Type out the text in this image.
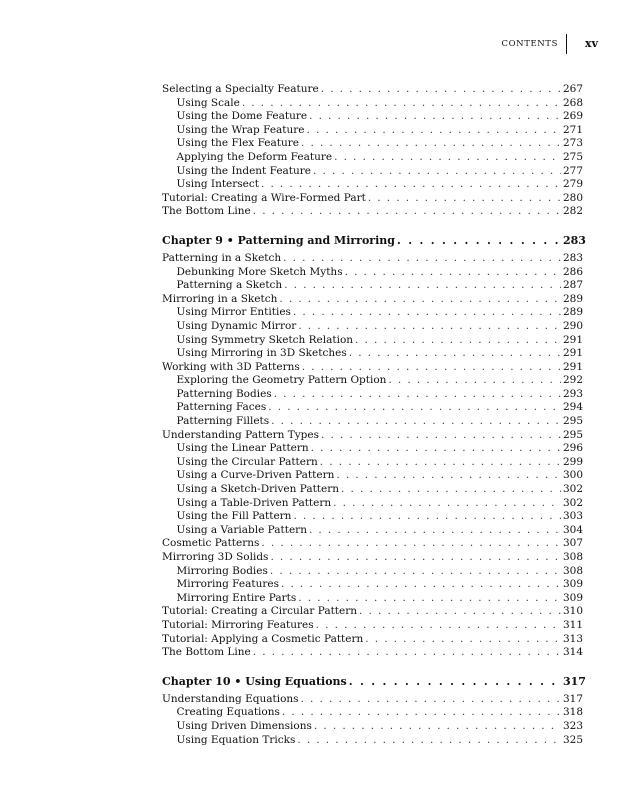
CONTENTS xv
Selecting a Specialty Feature . . .	267
Using Scale . . .	268
Using the Dome Feature . . .	269
Using the Wrap Feature . . .	271
Using the Flex Feature . . .	273
Applying the Deform Feature . . .	275
Using the Indent Feature . . .	277
Using Intersect . . .	279
Tutorial: Creating a Wire-Formed Part . . .	280
The Bottom Line . . .	282
Chapter 9 • Patterning and Mirroring . . .	283
Patterning in a Sketch . . .	283
Debunking More Sketch Myths . . .	286
Patterning a Sketch . . .	287
Mirroring in a Sketch . . .	289
Using Mirror Entities . . .	289
Using Dynamic Mirror . . .	290
Using Symmetry Sketch Relation . . .	291
Using Mirroring in 3D Sketches . . .	291
Working with 3D Patterns . . .	291
Exploring the Geometry Pattern Option . . .	292
Patterning Bodies . . .	293
Patterning Faces . . .	294
Patterning Fillets . . .	295
Understanding Pattern Types . . .	295
Using the Linear Pattern . . .	296
Using the Circular Pattern . . .	299
Using a Curve-Driven Pattern . . .	300
Using a Sketch-Driven Pattern . . .	302
Using a Table-Driven Pattern . . .	302
Using the Fill Pattern . . .	303
Using a Variable Pattern . . .	304
Cosmetic Patterns . . .	307
Mirroring 3D Solids . . .	308
Mirroring Bodies . . .	308
Mirroring Features . . .	309
Mirroring Entire Parts . . .	309
Tutorial: Creating a Circular Pattern . . .	310
Tutorial: Mirroring Features . . .	311
Tutorial: Applying a Cosmetic Pattern . . .	313
The Bottom Line . . .	314
Chapter 10 • Using Equations . . .	317
Understanding Equations . . .	317
Creating Equations . . .	318
Using Driven Dimensions . . .	323
Using Equation Tricks . . .	325
